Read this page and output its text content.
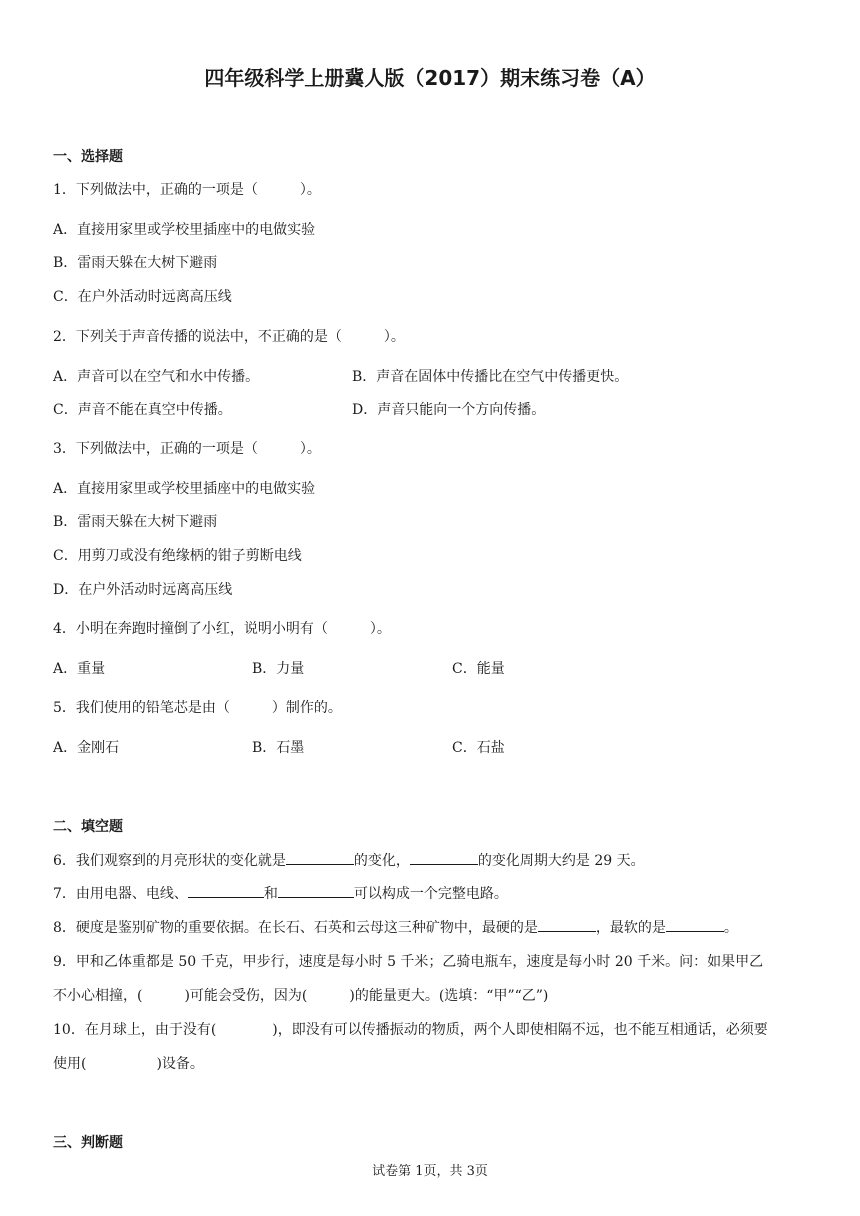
四年级科学上册冀人版（2017）期末练习卷（A）
一、选择题
1．下列做法中，正确的一项是（　　　）。
A．直接用家里或学校里插座中的电做实验
B．雷雨天躲在大树下避雨
C．在户外活动时远离高压线
2．下列关于声音传播的说法中，不正确的是（　　　）。
A．声音可以在空气和水中传播。	B．声音在固体中传播比在空气中传播更快。
C．声音不能在真空中传播。	D．声音只能向一个方向传播。
3．下列做法中，正确的一项是（　　　）。
A．直接用家里或学校里插座中的电做实验
B．雷雨天躲在大树下避雨
C．用剪刀或没有绝缘柄的钳子剪断电线
D．在户外活动时远离高压线
4．小明在奔跑时撞倒了小红，说明小明有（　　　）。
A．重量	B．力量	C．能量
5．我们使用的铅笔芯是由（　　　）制作的。
A．金刚石	B．石墨	C．石盐
二、填空题
6．我们观察到的月亮形状的变化就是	的变化，	的变化周期大约是 29 天。
7．由用电器、电线、	和	可以构成一个完整电路。
8．硬度是鉴别矿物的重要依据。在长石、石英和云母这三种矿物中，最硬的是	，最软的是	。
9．甲和乙体重都是 50 千克，甲步行，速度是每小时 5 千米；乙骑电瓶车，速度是每小时 20 千米。问：如果甲乙
不小心相撞，(　　　)可能会受伤，因为(　　　)的能量更大。(选填：“甲”“乙”)
10．在月球上，由于没有(　　　　)，即没有可以传播振动的物质，两个人即使相隔不远，也不能互相通话，必须要
使用(　　　　　)设备。
三、判断题
试卷第 1页，共 3页
